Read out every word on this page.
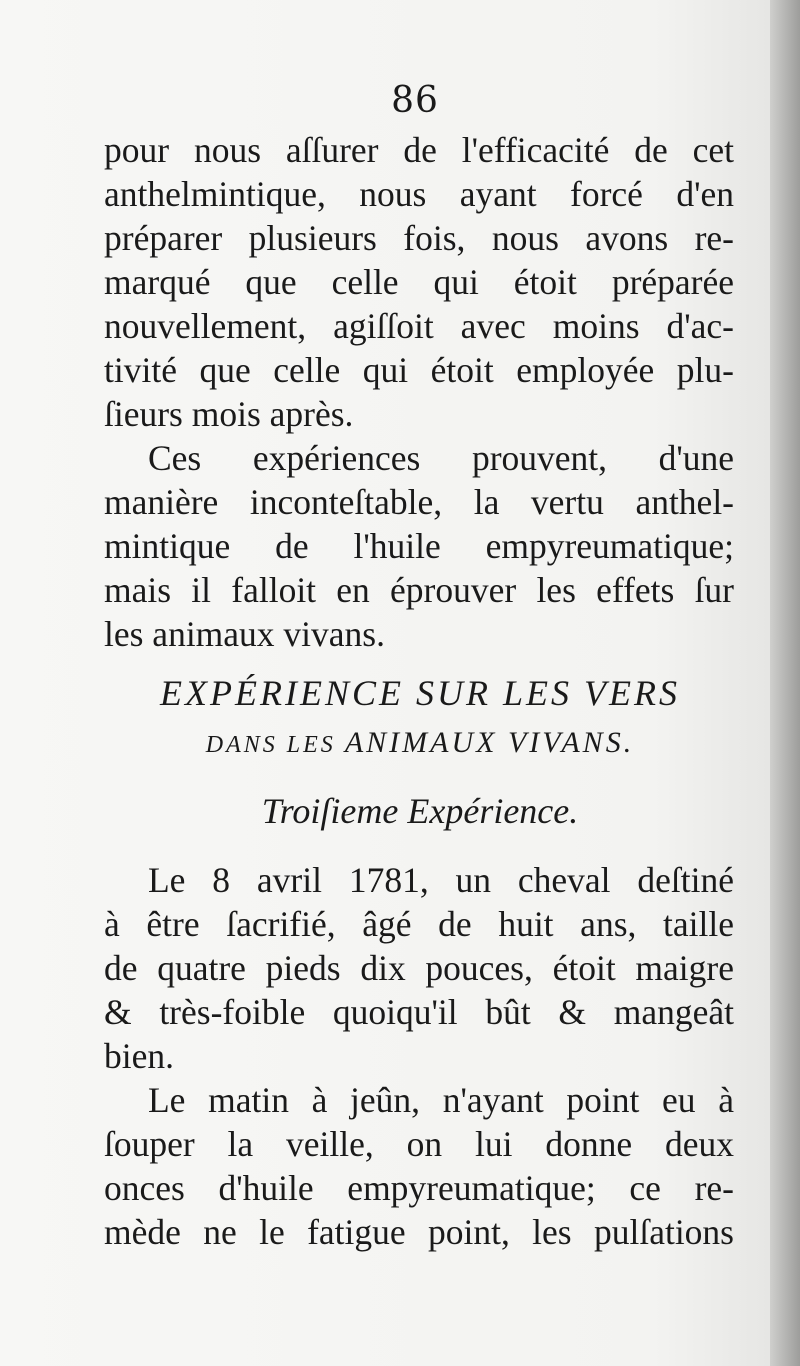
86
pour nous aſſurer de l'efficacité de cet
anthelmintique, nous ayant forcé d'en
préparer plusieurs fois, nous avons re-
marqué que celle qui étoit préparée
nouvellement, agiſſoit avec moins d'ac-
tivité que celle qui étoit employée plu-
ſieurs mois après.
Ces expériences prouvent, d'une
manière inconteſtable, la vertu anthel-
mintique de l'huile empyreumatique;
mais il falloit en éprouver les effets ſur
les animaux vivans.
EXPÉRIENCE SUR LES VERS
DANS LES ANIMAUX VIVANS.
Troiſieme Expérience.
Le 8 avril 1781, un cheval deſtiné
à être ſacrifié, âgé de huit ans, taille
de quatre pieds dix pouces, étoit maigre
& très-foible quoiqu'il bût & mangeât
bien.
Le matin à jeûn, n'ayant point eu à
ſouper la veille, on lui donne deux
onces d'huile empyreumatique; ce re-
mède ne le fatigue point, les pulſations
